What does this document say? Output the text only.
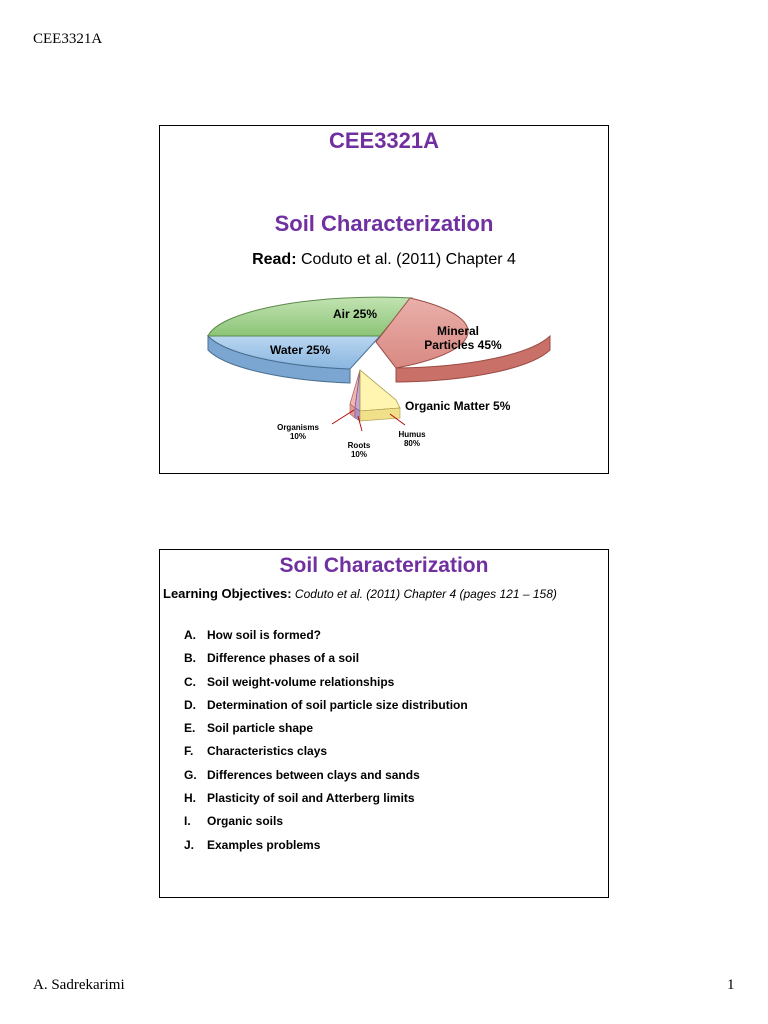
CEE3321A
CEE3321A
Soil Characterization
Read: Coduto et al. (2011) Chapter 4
Air 25%
Water 25%
Mineral
Particles 45%
Organic Matter 5%
Organisms
10%
Roots
10%
Humus
80%
Soil Characterization
Learning Objectives: Coduto et al. (2011) Chapter 4 (pages 121 – 158)
A. How soil is formed?
B. Difference phases of a soil
C. Soil weight-volume relationships
D. Determination of soil particle size distribution
E. Soil particle shape
F.	Characteristics clays
G. Differences between clays and sands
H. Plasticity of soil and Atterberg limits
I.	Organic soils
J.	Examples problems
A. Sadrekarimi	1
